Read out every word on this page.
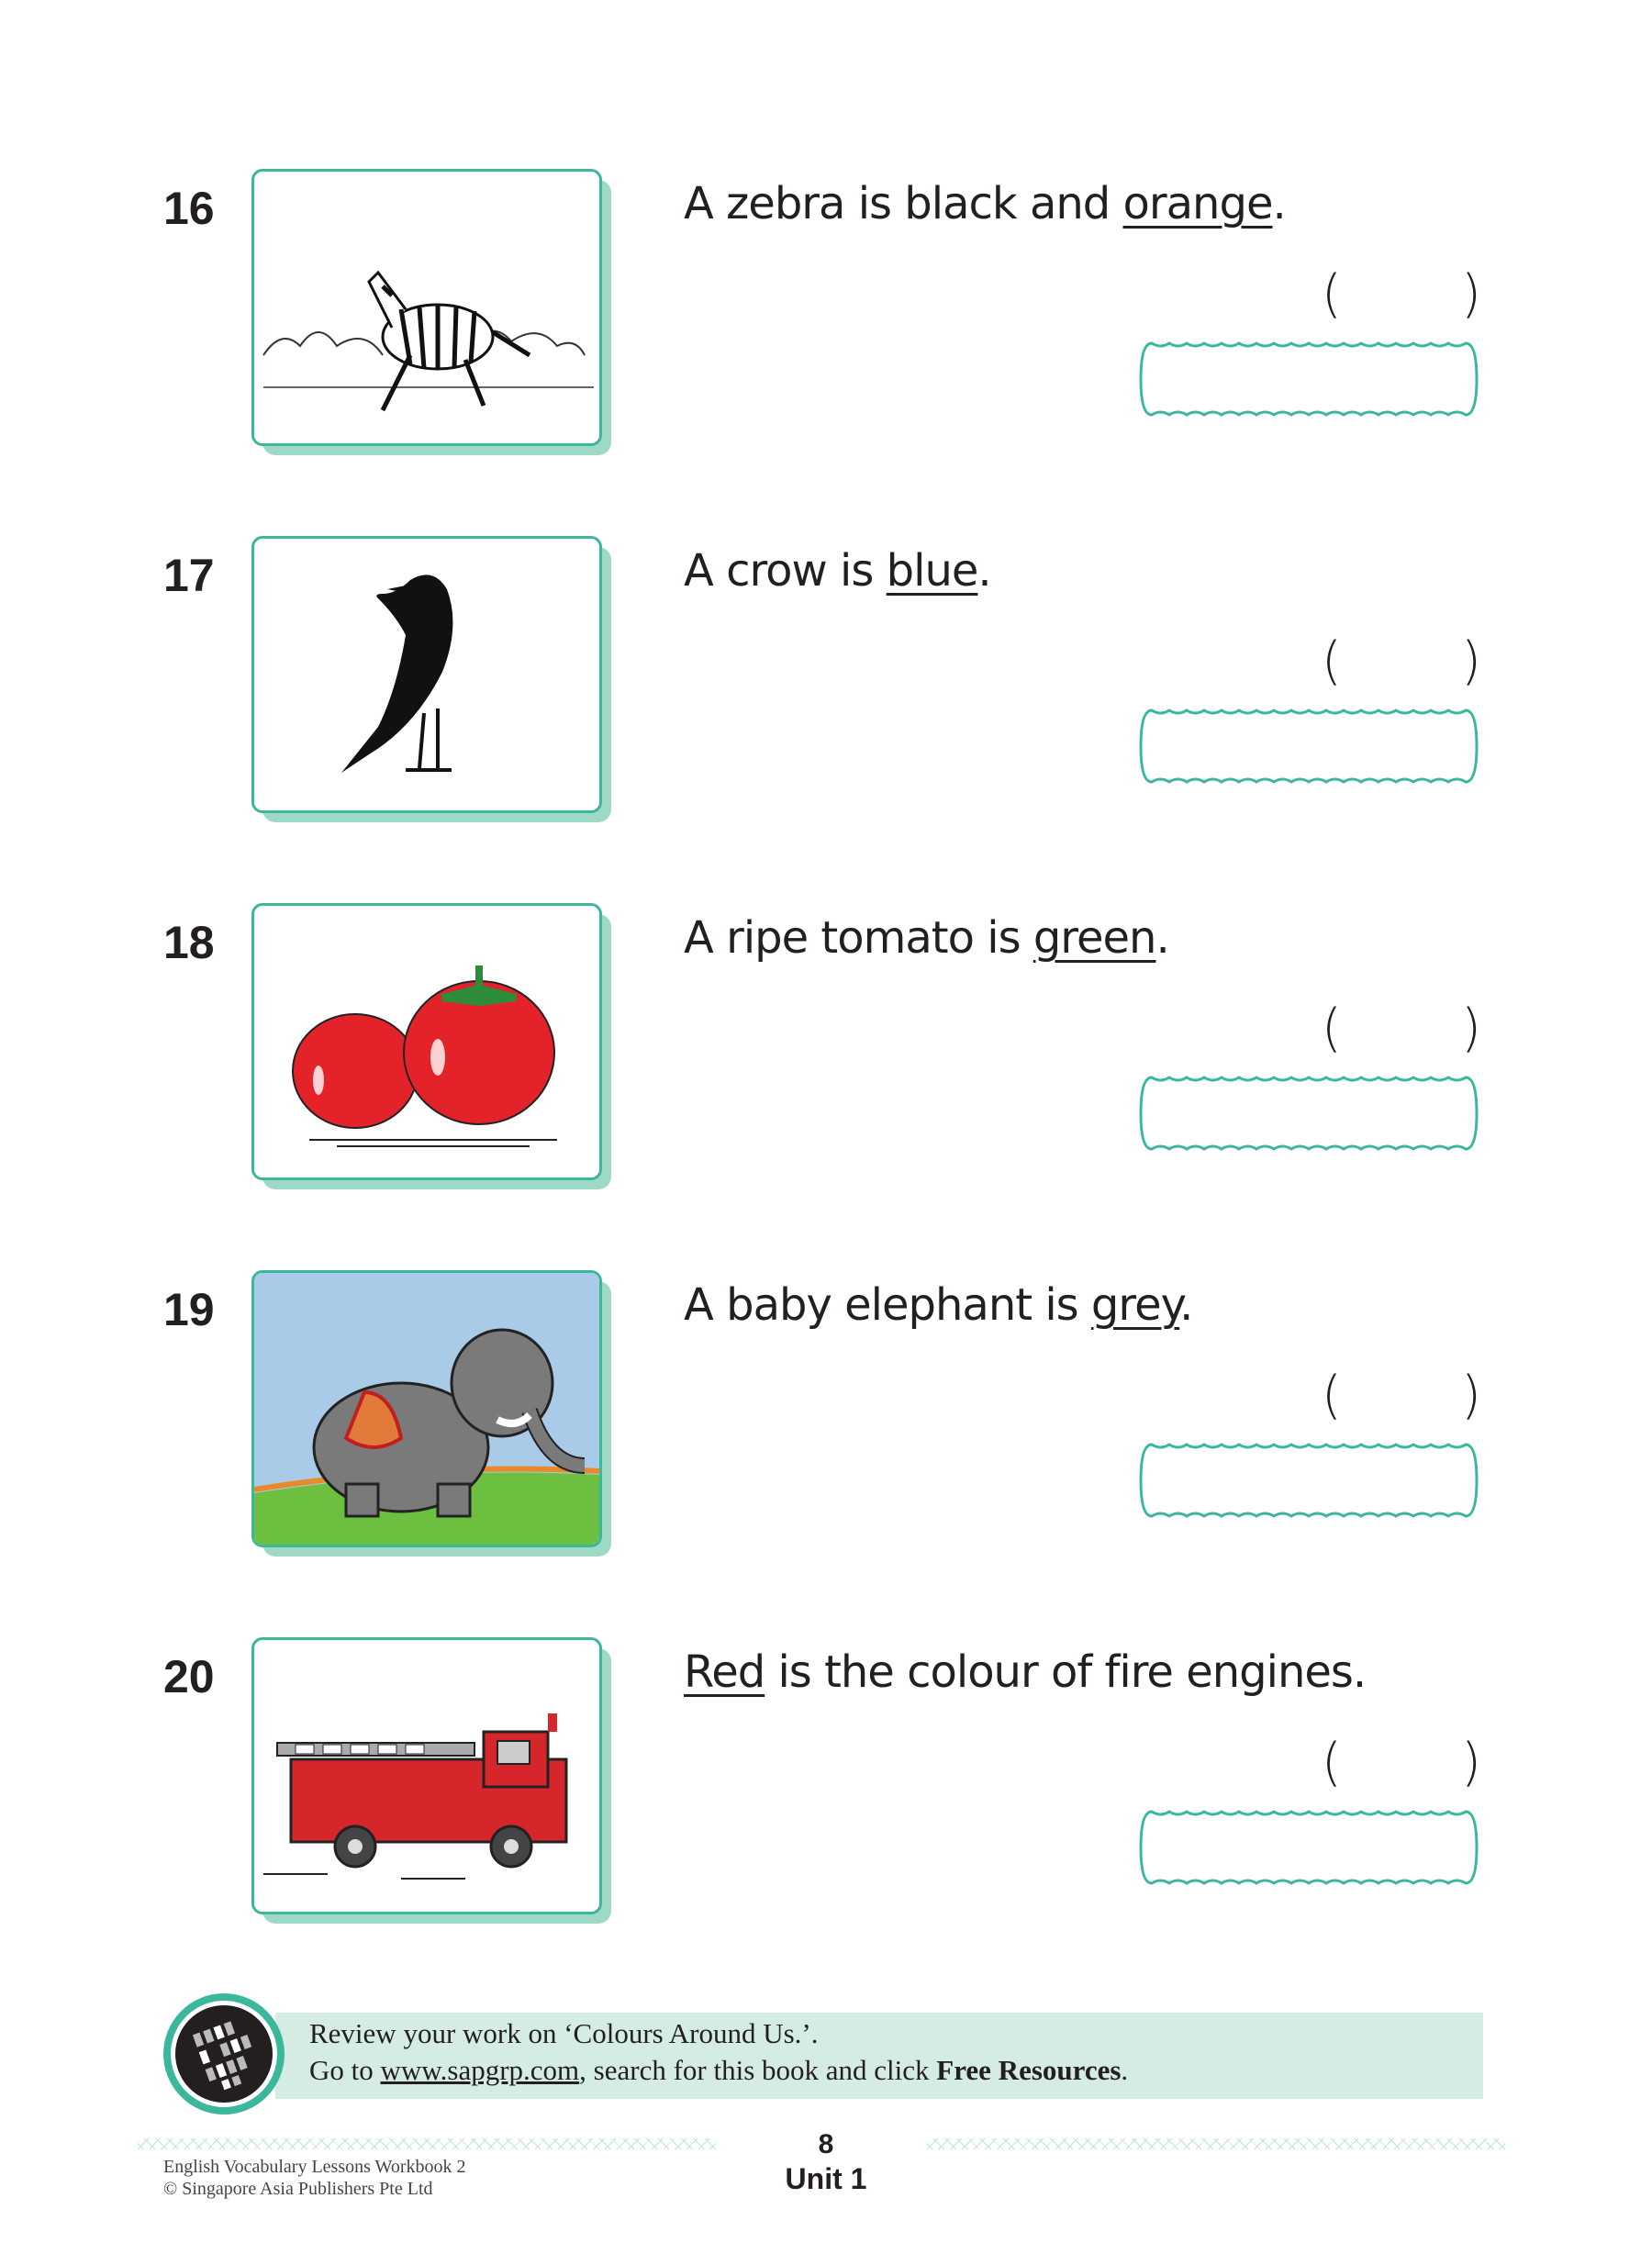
16	A zebra is black and orange.
( )
17	A crow is blue.
( )
18	A ripe tomato is green.
( )
19	A baby elephant is grey.
( )
20	Red is the colour of fire engines.
( )
Review your work on ‘Colours Around Us.’.
Go to www.sapgrp.com, search for this book and click Free Resources.
8
Unit 1
English Vocabulary Lessons Workbook 2
© Singapore Asia Publishers Pte Ltd
